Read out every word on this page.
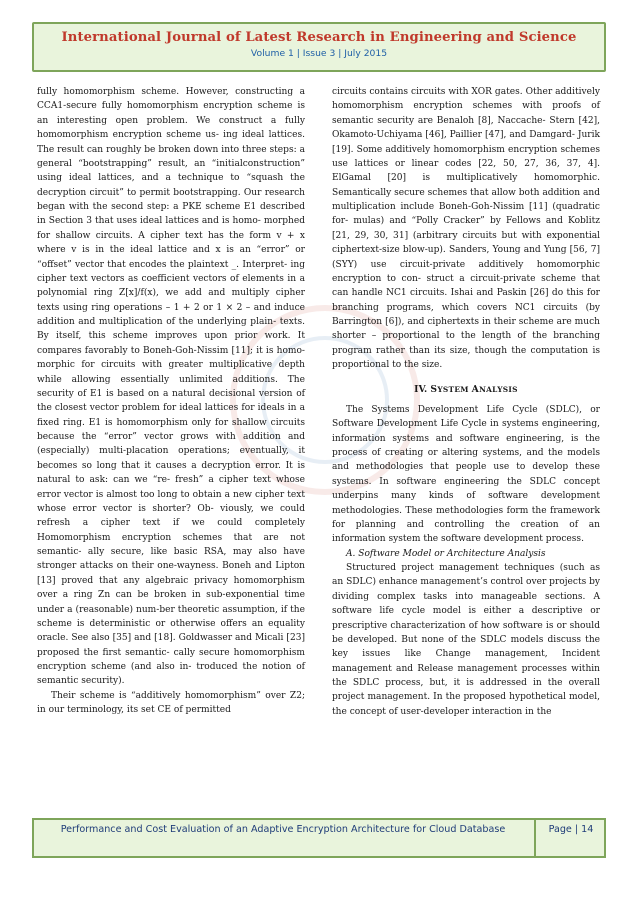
International Journal of Latest Research in Engineering and Science
Volume 1 | Issue 3 | July 2015

fully homomorphism scheme. However, constructing a CCA1-secure fully homomorphism encryption scheme is an interesting open problem. We construct a fully homomorphism encryption scheme us- ing ideal lattices. The result can roughly be broken down into three steps: a general “bootstrapping” result, an “initialconstruction” using ideal lattices, and a technique to “squash the decryption circuit” to permit bootstrapping. Our research began with the second step: a PKE scheme E1 described in Section 3 that uses ideal lattices and is homo- morphed for shallow circuits. A cipher text has the form v + x where v is in the ideal lattice and x is an “error” or “offset” vector that encodes the plaintext _. Interpret- ing cipher text vectors as coefficient vectors of elements in a polynomial ring Z[x]/f(x), we add and multiply cipher texts using ring operations – 1 + 2 or 1 × 2 – and induce addition and multiplication of the underlying plain- texts. By itself, this scheme improves upon prior work. It compares favorably to Boneh-Goh-Nissim [11]; it is homo-morphic for circuits with greater multiplicative depth while allowing essentially unlimited additions. The security of E1 is based on a natural decisional version of the closest vector problem for ideal lattices for ideals in a fixed ring. E1 is homomorphism only for shallow circuits because the “error” vector grows with addition and (especially) multi-placation operations; eventually, it becomes so long that it causes a decryption error. It is natural to ask: can we “re- fresh” a cipher text whose error vector is almost too long to obtain a new cipher text whose error vector is shorter? Ob- viously, we could refresh a cipher text if we could completely Homomorphism encryption schemes that are not semantic- ally secure, like basic RSA, may also have stronger attacks on their one-wayness. Boneh and Lipton [13] proved that any algebraic privacy homomorphism over a ring Zn can be broken in sub-exponential time under a (reasonable) num-ber theoretic assumption, if the scheme is deterministic or otherwise offers an equality oracle. See also [35] and [18]. Goldwasser and Micali [23] proposed the first semantic- cally secure homomorphism encryption scheme (and also in- troduced the notion of semantic security).

Their scheme is “additively homomorphism” over Z2; in our terminology, its set CE of permitted

circuits contains circuits with XOR gates. Other additively homomorphism encryption schemes with proofs of semantic security are Benaloh [8], Naccache- Stern [42], Okamoto-Uchiyama [46], Paillier [47], and Damgard- Jurik [19]. Some additively homomorphism encryption schemes use lattices or linear codes [22, 50, 27, 36, 37, 4]. ElGamal [20] is multiplicatively homomorphic. Semantically secure schemes that allow both addition and multiplication include Boneh-Goh-Nissim [11] (quadratic for- mulas) and “Polly Cracker” by Fellows and Koblitz [21, 29, 30, 31] (arbitrary circuits but with exponential ciphertext-size blow-up). Sanders, Young and Yung [56, 7] (SYY) use circuit-private additively homomorphic encryption to con- struct a circuit-private scheme that can handle NC1 circuits. Ishai and Paskin [26] do this for branching programs, which covers NC1 circuits (by Barrington [6]), and ciphertexts in their scheme are much shorter – proportional to the length of the branching program rather than its size, though the computation is proportional to the size.

IV. SYSTEM ANALYSIS

The Systems Development Life Cycle (SDLC), or Software Development Life Cycle in systems engineering, information systems and software engineering, is the process of creating or altering systems, and the models and methodologies that people use to develop these systems. In software engineering the SDLC concept underpins many kinds of software development methodologies. These methodologies form the framework for planning and controlling the creation of an information system the software development process.

A. Software Model or Architecture Analysis

Structured project management techniques (such as an SDLC) enhance management’s control over projects by dividing complex tasks into manageable sections. A software life cycle model is either a descriptive or prescriptive characterization of how software is or should be developed. But none of the SDLC models discuss the key issues like Change management, Incident management and Release management processes within the SDLC process, but, it is addressed in the overall project management. In the proposed hypothetical model, the concept of user-developer interaction in the

Performance and Cost Evaluation of an Adaptive Encryption Architecture for Cloud Database	Page | 14
